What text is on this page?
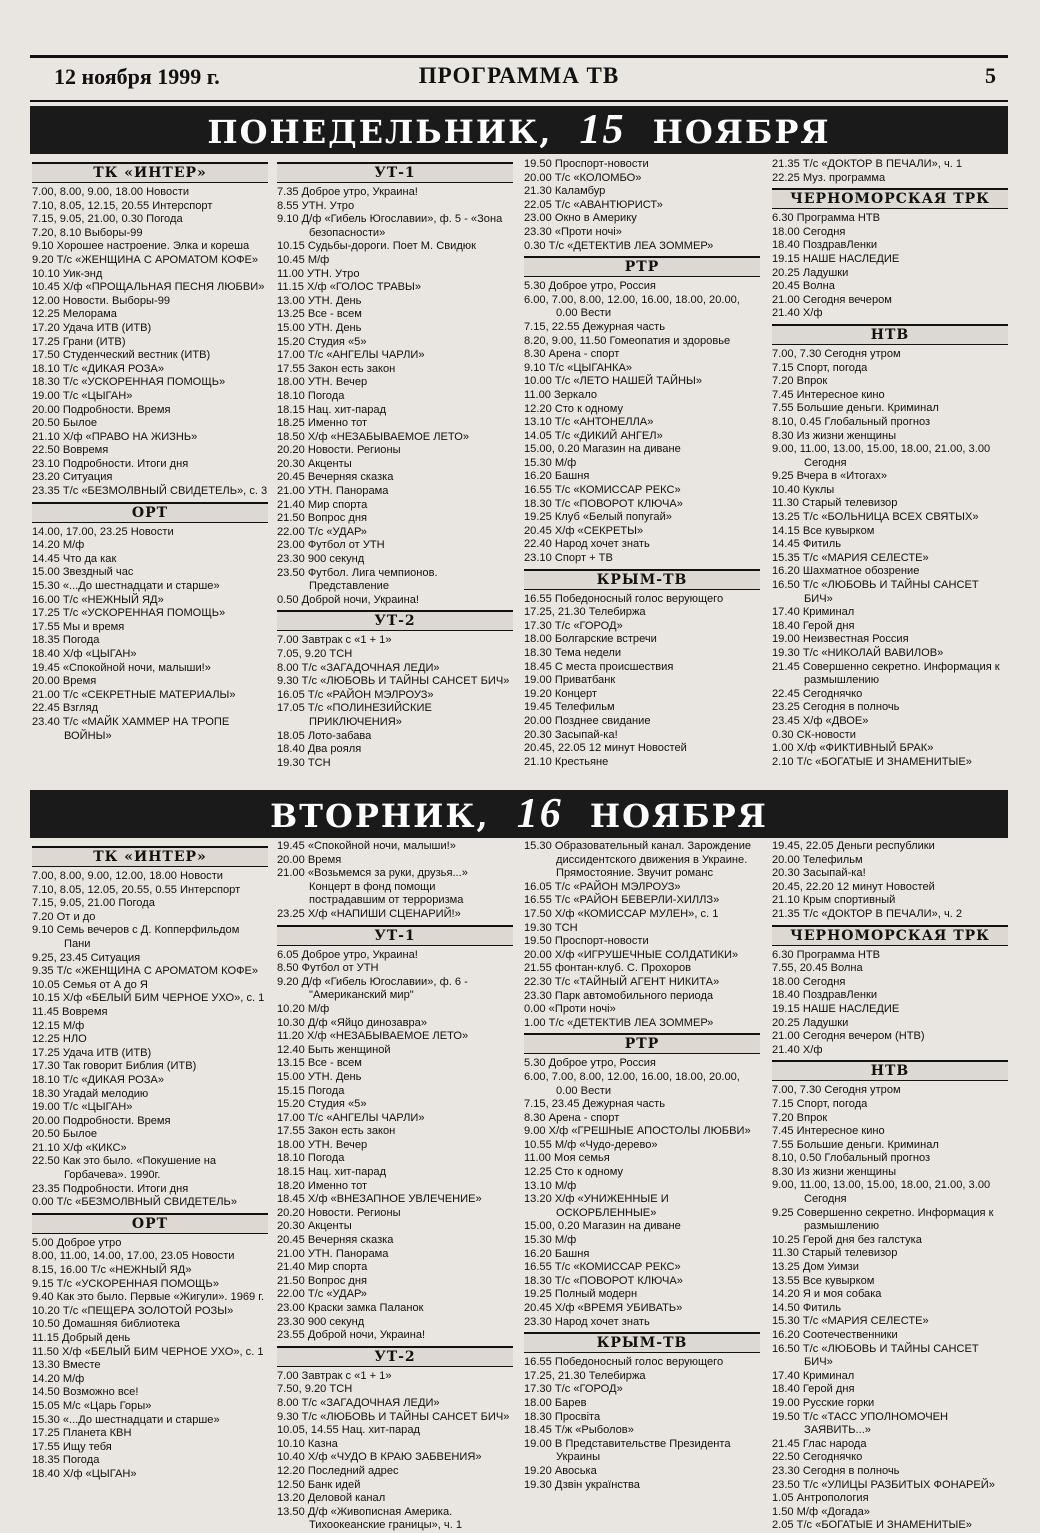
12 ноября 1999 г.	ПРОГРАММА ТВ	5
ПОНЕДЕЛЬНИК, 15 НОЯБРЯ
ТК «ИНТЕР»

7.00, 8.00, 9.00, 18.00 Новости

7.10, 8.05, 12.15, 20.55 Интерспорт

7.15, 9.05, 21.00, 0.30 Погода

7.20, 8.10 Выборы-99

9.10 Хорошее настроение. Элка и кореша

9.20 Т/с «ЖЕНЩИНА С АРОМАТОМ КОФЕ»

10.10 Уик-энд

10.45 Х/ф «ПРОЩАЛЬНАЯ ПЕСНЯ ЛЮБВИ»

12.00 Новости. Выборы-99

12.25 Мелорама

17.20 Удача ИТВ (ИТВ)

17.25 Грани (ИТВ)

17.50 Студенческий вестник (ИТВ)

18.10 Т/с «ДИКАЯ РОЗА»

18.30 Т/с «УСКОРЕННАЯ ПОМОЩЬ»

19.00 Т/с «ЦЫГАН»

20.00 Подробности. Время

20.50 Былое

21.10 Х/ф «ПРАВО НА ЖИЗНЬ»

22.50 Вовремя

23.10 Подробности. Итоги дня

23.20 Ситуация

23.35 Т/с «БЕЗМОЛВНЫЙ СВИДЕТЕЛЬ», с. 3

ОРТ

14.00, 17.00, 23.25 Новости

14.20 М/ф

14.45 Что да как

15.00 Звездный час

15.30 «...До шестнадцати и старше»

16.00 Т/с «НЕЖНЫЙ ЯД»

17.25 Т/с «УСКОРЕННАЯ ПОМОЩЬ»

17.55 Мы и время

18.35 Погода

18.40 Х/ф «ЦЫГАН»

19.45 «Спокойной ночи, малыши!»

20.00 Время

21.00 Т/с «СЕКРЕТНЫЕ МАТЕРИАЛЫ»

22.45 Взгляд

23.40 Т/с «МАЙК ХАММЕР НА ТРОПЕ ВОЙНЫ»

УТ-1

7.35 Доброе утро, Украина!

8.55 УТН. Утро

9.10 Д/ф «Гибель Югославии», ф. 5 - «Зона безопасности»

10.15 Судьбы-дороги. Поет М. Свидюк

10.45 М/ф

11.00 УТН. Утро

11.15 Х/ф «ГОЛОС ТРАВЫ»

13.00 УТН. День

13.25 Все - всем

15.00 УТН. День

15.20 Студия «5»

17.00 Т/с «АНГЕЛЫ ЧАРЛИ»

17.55 Закон есть закон

18.00 УТН. Вечер

18.10 Погода

18.15 Нац. хит-парад

18.25 Именно тот

18.50 Х/ф «НЕЗАБЫВАЕМОЕ ЛЕТО»

20.20 Новости. Регионы

20.30 Акценты

20.45 Вечерняя сказка

21.00 УТН. Панорама

21.40 Мир спорта

21.50 Вопрос дня

22.00 Т/с «УДАР»

23.00 Футбол от УТН

23.30 900 секунд

23.50 Футбол. Лига чемпионов. Представление

0.50 Доброй ночи, Украина!

УТ-2

7.00 Завтрак с «1 + 1»

7.05, 9.20 ТСН

8.00 Т/с «ЗАГАДОЧНАЯ ЛЕДИ»

9.30 Т/с «ЛЮБОВЬ И ТАЙНЫ САНСЕТ БИЧ»

16.05 Т/с «РАЙОН МЭЛРОУЗ»

17.05 Т/с «ПОЛИНЕЗИЙСКИЕ ПРИКЛЮЧЕНИЯ»

18.05 Лото-забава

18.40 Два рояля

19.30 ТСН

19.50 Проспорт-новости

20.00 Т/с «КОЛОМБО»

21.30 Каламбур

22.05 Т/с «АВАНТЮРИСТ»

23.00 Окно в Америку

23.30 «Проти ночі»

0.30 Т/с «ДЕТЕКТИВ ЛЕА ЗОММЕР»

РТР

5.30 Доброе утро, Россия

6.00, 7.00, 8.00, 12.00, 16.00, 18.00, 20.00, 0.00 Вести

7.15, 22.55 Дежурная часть

8.20, 9.00, 11.50 Гомеопатия и здоровье

8.30 Арена - спорт

9.10 Т/с «ЦЫГАНКА»

10.00 Т/с «ЛЕТО НАШЕЙ ТАЙНЫ»

11.00 Зеркало

12.20 Сто к одному

13.10 Т/с «АНТОНЕЛЛА»

14.05 Т/с «ДИКИЙ АНГЕЛ»

15.00, 0.20 Магазин на диване

15.30 М/ф

16.20 Башня

16.55 Т/с «КОМИССАР РЕКС»

18.30 Т/с «ПОВОРОТ КЛЮЧА»

19.25 Клуб «Белый попугай»

20.45 Х/ф «СЕКРЕТЫ»

22.40 Народ хочет знать

23.10 Спорт + ТВ

КРЫМ-ТВ

16.55 Победоносный голос верующего

17.25, 21.30 Телебиржа

17.30 Т/с «ГОРОД»

18.00 Болгарские встречи

18.30 Тема недели

18.45 С места происшествия

19.00 Приватбанк

19.20 Концерт

19.45 Телефильм

20.00 Позднее свидание

20.30 Засыпай-ка!

20.45, 22.05 12 минут Новостей

21.10 Крестьяне

21.35 Т/с «ДОКТОР В ПЕЧАЛИ», ч. 1

22.25 Муз. программа

ЧЕРНОМОРСКАЯ ТРК

6.30 Программа НТВ

18.00 Сегодня

18.40 ПоздравЛенки

19.15 НАШЕ НАСЛЕДИЕ

20.25 Ладушки

20.45 Волна

21.00 Сегодня вечером

21.40 Х/ф

НТВ

7.00, 7.30 Сегодня утром

7.15 Спорт, погода

7.20 Впрок

7.45 Интересное кино

7.55 Большие деньги. Криминал

8.10, 0.45 Глобальный прогноз

8.30 Из жизни женщины

9.00, 11.00, 13.00, 15.00, 18.00, 21.00, 3.00 Сегодня

9.25 Вчера в «Итогах»

10.40 Куклы

11.30 Старый телевизор

13.25 Т/с «БОЛЬНИЦА ВСЕХ СВЯТЫХ»

14.15 Все кувырком

14.45 Фитиль

15.35 Т/с «МАРИЯ СЕЛЕСТЕ»

16.20 Шахматное обозрение

16.50 Т/с «ЛЮБОВЬ И ТАЙНЫ САНСЕТ БИЧ»

17.40 Криминал

18.40 Герой дня

19.00 Неизвестная Россия

19.30 Т/с «НИКОЛАЙ ВАВИЛОВ»

21.45 Совершенно секретно. Информация к размышлению

22.45 Сегоднячко

23.25 Сегодня в полночь

23.45 Х/ф «ДВОЕ»

0.30 СК-новости

1.00 Х/ф «ФИКТИВНЫЙ БРАК»

2.10 Т/с «БОГАТЫЕ И ЗНАМЕНИТЫЕ»

ВТОРНИК, 16 НОЯБРЯ
ТК «ИНТЕР»

7.00, 8.00, 9.00, 12.00, 18.00 Новости

7.10, 8.05, 12.05, 20.55, 0.55 Интерспорт

7.15, 9.05, 21.00 Погода

7.20 От и до

9.10 Семь вечеров с Д. Копперфильдом Пани

9.25, 23.45 Ситуация

9.35 Т/с «ЖЕНЩИНА С АРОМАТОМ КОФЕ»

10.05 Семья от А до Я

10.15 Х/ф «БЕЛЫЙ БИМ ЧЕРНОЕ УХО», с. 1

11.45 Вовремя

12.15 М/ф

12.25 НЛО

17.25 Удача ИТВ (ИТВ)

17.30 Так говорит Библия (ИТВ)

18.10 Т/с «ДИКАЯ РОЗА»

18.30 Угадай мелодию

19.00 Т/с «ЦЫГАН»

20.00 Подробности. Время

20.50 Былое

21.10 Х/ф «КИКС»

22.50 Как это было. «Покушение на Горбачева». 1990г.

23.35 Подробности. Итоги дня

0.00 Т/с «БЕЗМОЛВНЫЙ СВИДЕТЕЛЬ»

ОРТ

5.00 Доброе утро

8.00, 11.00, 14.00, 17.00, 23.05 Новости

8.15, 16.00 Т/с «НЕЖНЫЙ ЯД»

9.15 Т/с «УСКОРЕННАЯ ПОМОЩЬ»

9.40 Как это было. Первые «Жигули». 1969 г.

10.20 Т/с «ПЕЩЕРА ЗОЛОТОЙ РОЗЫ»

10.50 Домашняя библиотека

11.15 Добрый день

11.50 Х/ф «БЕЛЫЙ БИМ ЧЕРНОЕ УХО», с. 1

13.30 Вместе

14.20 М/ф

14.50 Возможно все!

15.05 М/с «Царь Горы»

15.30 «...До шестнадцати и старше»

17.25 Планета КВН

17.55 Ищу тебя

18.35 Погода

18.40 Х/ф «ЦЫГАН»

19.45 «Спокойной ночи, малыши!»

20.00 Время

21.00 «Возьмемся за руки, друзья...» Концерт в фонд помощи пострадавшим от терроризма

23.25 Х/ф «НАПИШИ СЦЕНАРИЙ!»

УТ-1

6.05 Доброе утро, Украина!

8.50 Футбол от УТН

9.20 Д/ф «Гибель Югославии», ф. 6 - "Американский мир"

10.20 М/ф

10.30 Д/ф «Яйцо динозавра»

11.20 Х/ф «НЕЗАБЫВАЕМОЕ ЛЕТО»

12.40 Быть женщиной

13.15 Все - всем

15.00 УТН. День

15.15 Погода

15.20 Студия «5»

17.00 Т/с «АНГЕЛЫ ЧАРЛИ»

17.55 Закон есть закон

18.00 УТН. Вечер

18.10 Погода

18.15 Нац. хит-парад

18.20 Именно тот

18.45 Х/ф «ВНЕЗАПНОЕ УВЛЕЧЕНИЕ»

20.20 Новости. Регионы

20.30 Акценты

20.45 Вечерняя сказка

21.00 УТН. Панорама

21.40 Мир спорта

21.50 Вопрос дня

22.00 Т/с «УДАР»

23.00 Краски замка Паланок

23.30 900 секунд

23.55 Доброй ночи, Украина!

УТ-2

7.00 Завтрак с «1 + 1»

7.50, 9.20 ТСН

8.00 Т/с «ЗАГАДОЧНАЯ ЛЕДИ»

9.30 Т/с «ЛЮБОВЬ И ТАЙНЫ САНСЕТ БИЧ»

10.05, 14.55 Нац. хит-парад

10.10 Казна

10.40 Х/ф «ЧУДО В КРАЮ ЗАБВЕНИЯ»

12.20 Последний адрес

12.50 Банк идей

13.20 Деловой канал

13.50 Д/ф «Живописная Америка. Тихоокеанские границы», ч. 1

15.30 Образовательный канал. Зарождение диссидентского движения в Украине. Прямостояние. Звучит романс

16.05 Т/с «РАЙОН МЭЛРОУЗ»

16.55 Т/с «РАЙОН БЕВЕРЛИ-ХИЛЛЗ»

17.50 Х/ф «КОМИССАР МУЛЕН», с. 1

19.30 ТСН

19.50 Проспорт-новости

20.00 Х/ф «ИГРУШЕЧНЫЕ СОЛДАТИКИ»

21.55 фонтан-клуб. С. Прохоров

22.30 Т/с «ТАЙНЫЙ АГЕНТ НИКИТА»

23.30 Парк автомобильного периода

0.00 «Проти ночі»

1.00 Т/с «ДЕТЕКТИВ ЛЕА ЗОММЕР»

РТР

5.30 Доброе утро, Россия

6.00, 7.00, 8.00, 12.00, 16.00, 18.00, 20.00, 0.00 Вести

7.15, 23.45 Дежурная часть

8.30 Арена - спорт

9.00 Х/ф «ГРЕШНЫЕ АПОСТОЛЫ ЛЮБВИ»

10.55 М/ф «Чудо-дерево»

11.00 Моя семья

12.25 Сто к одному

13.10 М/ф

13.20 Х/ф «УНИЖЕННЫЕ И ОСКОРБЛЕННЫЕ»

15.00, 0.20 Магазин на диване

15.30 М/ф

16.20 Башня

16.55 Т/с «КОМИССАР РЕКС»

18.30 Т/с «ПОВОРОТ КЛЮЧА»

19.25 Полный модерн

20.45 Х/ф «ВРЕМЯ УБИВАТЬ»

23.30 Народ хочет знать

КРЫМ-ТВ

16.55 Победоносный голос верующего

17.25, 21.30 Телебиржа

17.30 Т/с «ГОРОД»

18.00 Барев

18.30 Просвіта

18.45 Т/ж «Рыболов»

19.00 В Представительстве Президента Украины

19.20 Авоська

19.30 Дзвін українства

19.45, 22.05 Деньги республики

20.00 Телефильм

20.30 Засыпай-ка!

20.45, 22.20 12 минут Новостей

21.10 Крым спортивный

21.35 Т/с «ДОКТОР В ПЕЧАЛИ», ч. 2

ЧЕРНОМОРСКАЯ ТРК

6.30 Программа НТВ

7.55, 20.45 Волна

18.00 Сегодня

18.40 ПоздравЛенки

19.15 НАШЕ НАСЛЕДИЕ

20.25 Ладушки

21.00 Сегодня вечером (НТВ)

21.40 Х/ф

НТВ

7.00, 7.30 Сегодня утром

7.15 Спорт, погода

7.20 Впрок

7.45 Интересное кино

7.55 Большие деньги. Криминал

8.10, 0.50 Глобальный прогноз

8.30 Из жизни женщины

9.00, 11.00, 13.00, 15.00, 18.00, 21.00, 3.00 Сегодня

9.25 Совершенно секретно. Информация к размышлению

10.25 Герой дня без галстука

11.30 Старый телевизор

13.25 Дом Уимзи

13.55 Все кувырком

14.20 Я и моя собака

14.50 Фитиль

15.30 Т/с «МАРИЯ СЕЛЕСТЕ»

16.20 Соотечественники

16.50 Т/с «ЛЮБОВЬ И ТАЙНЫ САНСЕТ БИЧ»

17.40 Криминал

18.40 Герой дня

19.00 Русские горки

19.50 Т/с «ТАСС УПОЛНОМОЧЕН ЗАЯВИТЬ...»

21.45 Глас народа

22.50 Сегоднячко

23.30 Сегодня в полночь

23.50 Т/с «УЛИЦЫ РАЗБИТЫХ ФОНАРЕЙ»

1.05 Антропология

1.50 М/ф «Догада»

2.05 Т/с «БОГАТЫЕ И ЗНАМЕНИТЫЕ»
